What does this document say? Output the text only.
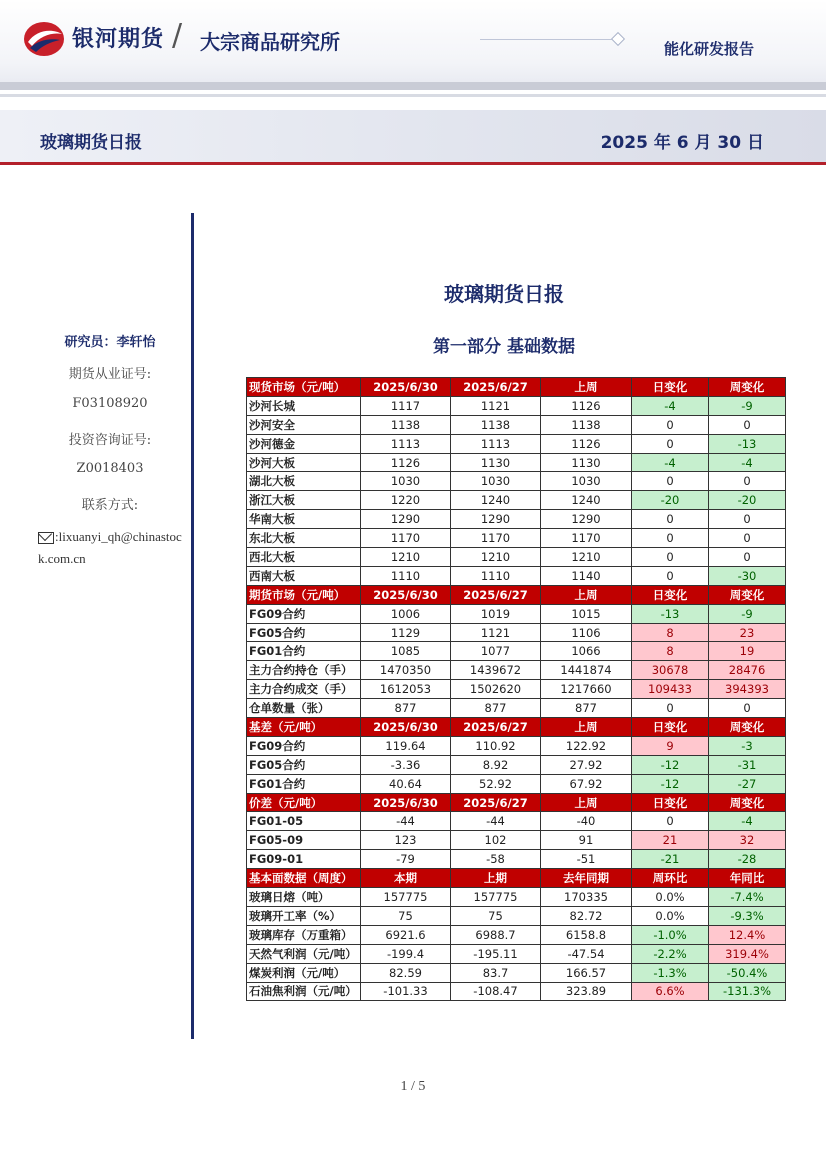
银河期货 / 大宗商品研究所	能化研发报告
玻璃期货日报	2025 年 6 月 30 日
研究员：李轩怡
期货从业证号:
F03108920
投资咨询证号:
Z0018403
联系方式:
:lixuanyi_qh@chinastock.com.cn
玻璃期货日报
第一部分 基础数据
现货市场（元/吨）	2025/6/30	2025/6/27	上周	日变化	周变化
沙河长城	1117	1121	1126	-4	-9
沙河安全	1138	1138	1138	0	0
沙河德金	1113	1113	1126	0	-13
沙河大板	1126	1130	1130	-4	-4
湖北大板	1030	1030	1030	0	0
浙江大板	1220	1240	1240	-20	-20
华南大板	1290	1290	1290	0	0
东北大板	1170	1170	1170	0	0
西北大板	1210	1210	1210	0	0
西南大板	1110	1110	1140	0	-30
期货市场（元/吨）	2025/6/30	2025/6/27	上周	日变化	周变化
FG09合约	1006	1019	1015	-13	-9
FG05合约	1129	1121	1106	8	23
FG01合约	1085	1077	1066	8	19
主力合约持仓（手）	1470350	1439672	1441874	30678	28476
主力合约成交（手）	1612053	1502620	1217660	109433	394393
仓单数量（张）	877	877	877	0	0
基差（元/吨）	2025/6/30	2025/6/27	上周	日变化	周变化
FG09合约	119.64	110.92	122.92	9	-3
FG05合约	-3.36	8.92	27.92	-12	-31
FG01合约	40.64	52.92	67.92	-12	-27
价差（元/吨）	2025/6/30	2025/6/27	上周	日变化	周变化
FG01-05	-44	-44	-40	0	-4
FG05-09	123	102	91	21	32
FG09-01	-79	-58	-51	-21	-28
基本面数据（周度）	本期	上期	去年同期	周环比	年同比
玻璃日熔（吨）	157775	157775	170335	0.0%	-7.4%
玻璃开工率（%）	75	75	82.72	0.0%	-9.3%
玻璃库存（万重箱）	6921.6	6988.7	6158.8	-1.0%	12.4%
天然气利润（元/吨）	-199.4	-195.11	-47.54	-2.2%	319.4%
煤炭利润（元/吨）	82.59	83.7	166.57	-1.3%	-50.4%
石油焦利润（元/吨）	-101.33	-108.47	323.89	6.6%	-131.3%
1 / 5
